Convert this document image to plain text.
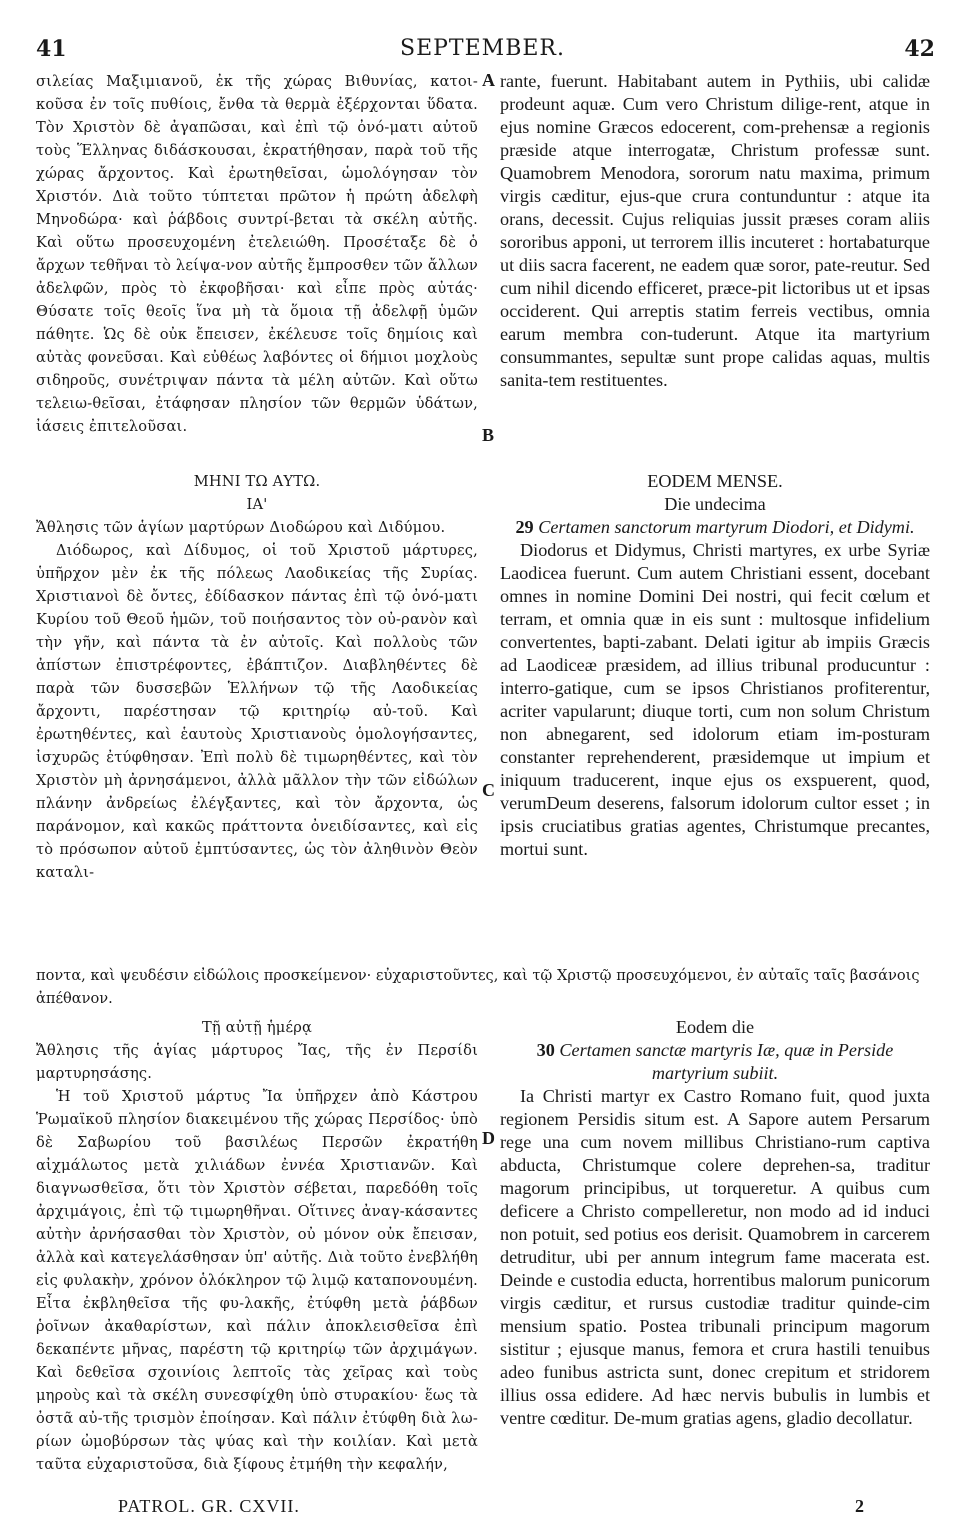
41	SEPTEMBER.	42

σιλείας Μαξιμιανοῦ, ἐκ τῆς χώρας Βιθυνίας, κατοι-κοῦσα ἐν τοῖς πυθίοις, ἔνθα τὰ θερμὰ ἐξέρχονται ὕδατα. Τὸν Χριστὸν δὲ ἀγαπῶσαι, καὶ ἐπὶ τῷ ὀνό-ματι αὐτοῦ τοὺς Ἕλληνας διδάσκουσαι, ἐκρατήθησαν, παρὰ τοῦ τῆς χώρας ἄρχοντος. Καὶ ἐρωτηθεῖσαι, ὡμολόγησαν τὸν Χριστόν. Διὰ τοῦτο τύπτεται πρῶτον ἡ πρώτη ἀδελφὴ Μηνοδώρα· καὶ ῥάβδοις συντρί-βεται τὰ σκέλη αὐτῆς. Καὶ οὕτω προσευχομένη ἐτελειώθη. Προσέταξε δὲ ὁ ἄρχων τεθῆναι τὸ λείψα-νον αὐτῆς ἔμπροσθεν τῶν ἄλλων ἀδελφῶν, πρὸς τὸ ἐκφοβῆσαι· καὶ εἶπε πρὸς αὐτάς· Θύσατε τοῖς θεοῖς ἵνα μὴ τὰ ὅμοια τῇ ἀδελφῇ ὑμῶν πάθητε. Ὡς δὲ οὐκ ἔπεισεν, ἐκέλευσε τοῖς δημίοις καὶ αὐτὰς φονεῦσαι. Καὶ εὐθέως λαβόντες οἱ δήμιοι μοχλοὺς σιδηροῦς, συνέτριψαν πάντα τὰ μέλη αὐτῶν. Καὶ οὕτω τελειω-θεῖσαι, ἐτάφησαν πλησίον τῶν θερμῶν ὑδάτων, ἰάσεις ἐπιτελοῦσαι.

rante, fuerunt. Habitabant autem in Pythiis, ubi calidæ prodeunt aquæ. Cum vero Christum dilige-rent, atque in ejus nomine Græcos edocerent, com-prehensæ a regionis præside atque interrogatæ, Christum professæ sunt. Quamobrem Menodora, sororum natu maxima, primum virgis cæditur, ejus-que crura contunduntur : atque ita orans, decessit. Cujus reliquias jussit præses coram aliis sororibus apponi, ut terrorem illis incuteret : hortabaturque ut diis sacra facerent, ne eadem quæ soror, pate-reutur. Sed cum nihil dicendo efficeret, præce-pit lictoribus ut et ipsas occiderent. Qui arreptis statim ferreis vectibus, omnia earum membra con-tuderunt. Atque ita martyrium consummantes, sepultæ sunt prope calidas aquas, multis sanita-tem restituentes.

A
B
C
D

ΜΗΝΙ ΤΩ ΑΥΤΩ.

ΙΑ'

Ἄθλησις τῶν ἁγίων μαρτύρων Διοδώρου καὶ Διδύμου.

Διόδωρος, καὶ Δίδυμος, οἱ τοῦ Χριστοῦ μάρτυρες, ὑπῆρχον μὲν ἐκ τῆς πόλεως Λαοδικείας τῆς Συρίας. Χριστιανοὶ δὲ ὄντες, ἐδίδασκον πάντας ἐπὶ τῷ ὀνό-ματι Κυρίου τοῦ Θεοῦ ἡμῶν, τοῦ ποιήσαντος τὸν οὐ-ρανὸν καὶ τὴν γῆν, καὶ πάντα τὰ ἐν αὐτοῖς. Καὶ πολλοὺς τῶν ἀπίστων ἐπιστρέφοντες, ἐβάπτιζον. Διαβληθέντες δὲ παρὰ τῶν δυσσεβῶν Ἑλλήνων τῷ τῆς Λαοδικείας ἄρχοντι, παρέστησαν τῷ κριτηρίῳ αὐ-τοῦ. Καὶ ἐρωτηθέντες, καὶ ἑαυτοὺς Χριστιανοὺς ὁμολογήσαντες, ἰσχυρῶς ἐτύφθησαν. Ἐπὶ πολὺ δὲ τιμωρηθέντες, καὶ τὸν Χριστὸν μὴ ἀρνησάμενοι, ἀλλὰ μᾶλλον τὴν τῶν εἰδώλων πλάνην ἀνδρείως ἐλέγξαντες, καὶ τὸν ἄρχοντα, ὡς παράνομον, καὶ κακῶς πράττοντα ὀνειδίσαντες, καὶ εἰς τὸ πρόσωπον αὐτοῦ ἐμπτύσαντες, ὡς τὸν ἀληθινὸν Θεὸν καταλι-

EODEM MENSE.

Die undecima

29 Certamen sanctorum martyrum Diodori, et Didymi.

Diodorus et Didymus, Christi martyres, ex urbe Syriæ Laodicea fuerunt. Cum autem Christiani essent, docebant omnes in nomine Domini Dei nostri, qui fecit cœlum et terram, et omnia quæ in eis sunt : multosque infidelium convertentes, bapti-zabant. Delati igitur ab impiis Græcis ad Laodiceæ præsidem, ad illius tribunal producuntur : interro-gatique, cum se ipsos Christianos profiterentur, acriter vapularunt; diuque torti, cum non solum Christum non abnegarent, sed idolorum etiam im-posturam constanter reprehenderent, præsidemque ut impium et iniquum traducerent, inque ejus os exspuerent, quod, verumDeum deserens, falsorum idolorum cultor esset ; in ipsis cruciatibus gratias agentes, Christumque precantes, mortui sunt.

ποντα, καὶ ψευδέσιν εἰδώλοις προσκείμενον· εὐχαριστοῦντες, καὶ τῷ Χριστῷ προσευχόμενοι, ἐν αὐταῖς ταῖς βασάνοις ἀπέθανον.

Τῇ αὐτῇ ἡμέρᾳ

Ἄθλησις τῆς ἁγίας μάρτυρος Ἴας, τῆς ἐν Περσίδι μαρτυρησάσης.

Ἡ τοῦ Χριστοῦ μάρτυς Ἴα ὑπῆρχεν ἀπὸ Κάστρου Ῥωμαϊκοῦ πλησίον διακειμένου τῆς χώρας Περσίδος· ὑπὸ δὲ Σαβωρίου τοῦ βασιλέως Περσῶν ἐκρατήθη αἰχμάλωτος μετὰ χιλιάδων ἐννέα Χριστιανῶν. Καὶ διαγνωσθεῖσα, ὅτι τὸν Χριστὸν σέβεται, παρεδόθη τοῖς ἀρχιμάγοις, ἐπὶ τῷ τιμωρηθῆναι. Οἵτινες ἀναγ-κάσαντες αὐτὴν ἀρνήσασθαι τὸν Χριστὸν, οὐ μόνον οὐκ ἔπεισαν, ἀλλὰ καὶ κατεγελάσθησαν ὑπ' αὐτῆς. Διὰ τοῦτο ἐνεβλήθη εἰς φυλακὴν, χρόνον ὁλόκληρον τῷ λιμῷ καταπονουμένη. Εἶτα ἐκβληθεῖσα τῆς φυ-λακῆς, ἐτύφθη μετὰ ῥάβδων ῥοῖνων ἀκαθαρίστων, καὶ πάλιν ἀποκλεισθεῖσα ἐπὶ δεκαπέντε μῆνας, παρέστη τῷ κριτηρίῳ τῶν ἀρχιμάγων. Καὶ δεθεῖσα σχοινίοις λεπτοῖς τὰς χεῖρας καὶ τοὺς μηροὺς καὶ τὰ σκέλη συνεσφίχθη ὑπὸ στυρακίου· ἕως τὰ ὀστᾶ αὐ-τῆς τρισμὸν ἐποίησαν. Καὶ πάλιν ἐτύφθη διὰ λω-ρίων ὠμοβύρσων τὰς ψύας καὶ τὴν κοιλίαν. Καὶ μετὰ ταῦτα εὐχαριστοῦσα, διὰ ξίφους ἐτμήθη τὴν κεφαλήν,

Eodem die

30 Certamen sanctæ martyris Iæ, quæ in Perside martyrium subiit.

Ia Christi martyr ex Castro Romano fuit, quod juxta regionem Persidis situm est. A Sapore autem Persarum rege una cum novem millibus Christiano-rum captiva abducta, Christumque colere deprehen-sa, traditur magorum principibus, ut torqueretur. A quibus cum deficere a Christo compelleretur, non modo ad id induci non potuit, sed potius eos derisit. Quamobrem in carcerem detruditur, ubi per annum integrum fame macerata est. Deinde e custodia educta, horrentibus malorum punicorum virgis cæditur, et rursus custodiæ traditur quinde-cim mensium spatio. Postea tribunali principum magorum sistitur ; ejusque manus, femora et crura hastili tenuibus adeo funibus astricta sunt, donec crepitum et stridorem illius ossa edidere. Ad hæc nervis bubulis in lumbis et ventre cœditur. De-mum gratias agens, gladio decollatur.

PATROL. GR. CXVII.	2
